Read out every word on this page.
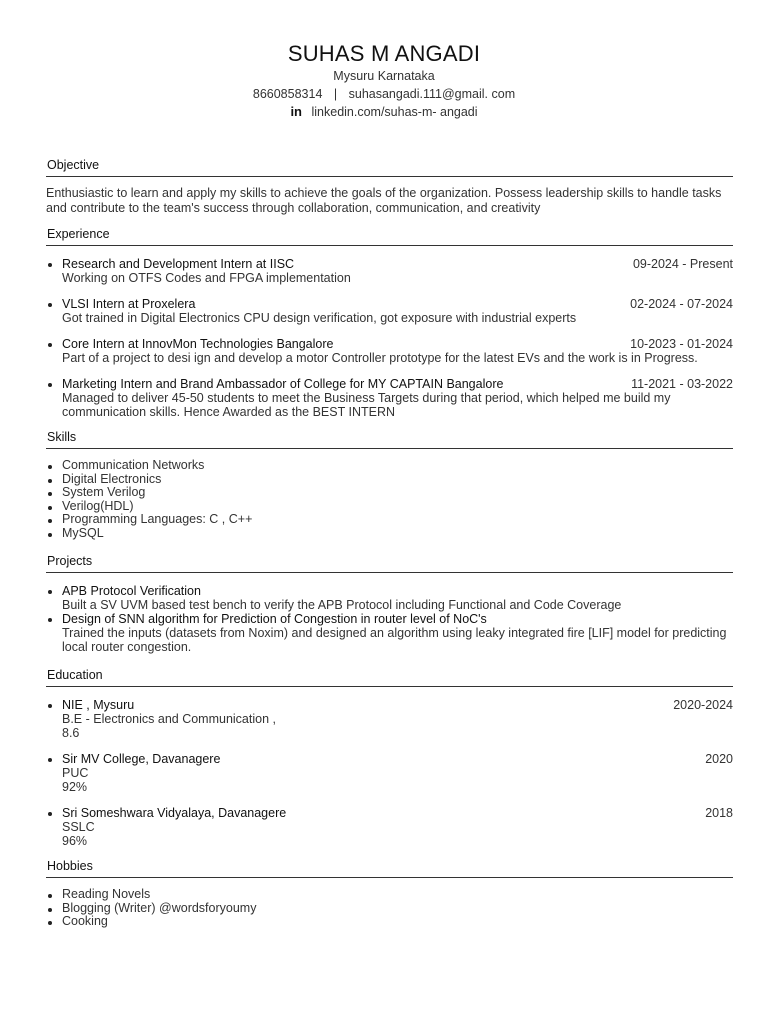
SUHAS M ANGADI
Mysuru Karnataka
8660858314 | suhasangadi.111@gmail. com
in linkedin.com/suhas-m- angadi
Objective
Enthusiastic to learn and apply my skills to achieve the goals of the organization. Possess leadership skills to handle tasks
and contribute to the team's success through collaboration, communication, and creativity
Experience
Research and Development Intern at IISC	09-2024 - Present
Working on OTFS Codes and FPGA implementation
VLSI Intern at Proxelera	02-2024 - 07-2024
Got trained in Digital Electronics CPU design verification, got exposure with industrial experts
Core Intern at InnovMon Technologies Bangalore	10-2023 - 01-2024
Part of a project to desi ign and develop a motor Controller prototype for the latest EVs and the work is in Progress.
Marketing Intern and Brand Ambassador of College for MY CAPTAIN Bangalore	11-2021 - 03-2022
Managed to deliver 45-50 students to meet the Business Targets during that period, which helped me build my
communication skills. Hence Awarded as the BEST INTERN
Skills
Communication Networks
Digital Electronics
System Verilog
Verilog(HDL)
Programming Languages: C , C++
MySQL
Projects
APB Protocol Verification
Built a SV UVM based test bench to verify the APB Protocol including Functional and Code Coverage
Design of SNN algorithm for Prediction of Congestion in router level of NoC's
Trained the inputs (datasets from Noxim) and designed an algorithm using leaky integrated fire [LIF] model for predicting
local router congestion.
Education
NIE , Mysuru	2020-2024
B.E - Electronics and Communication ,
8.6
Sir MV College, Davanagere	2020
PUC
92%
Sri Someshwara Vidyalaya, Davanagere	2018
SSLC
96%
Hobbies
Reading Novels
Blogging (Writer) @wordsforyoumy
Cooking
